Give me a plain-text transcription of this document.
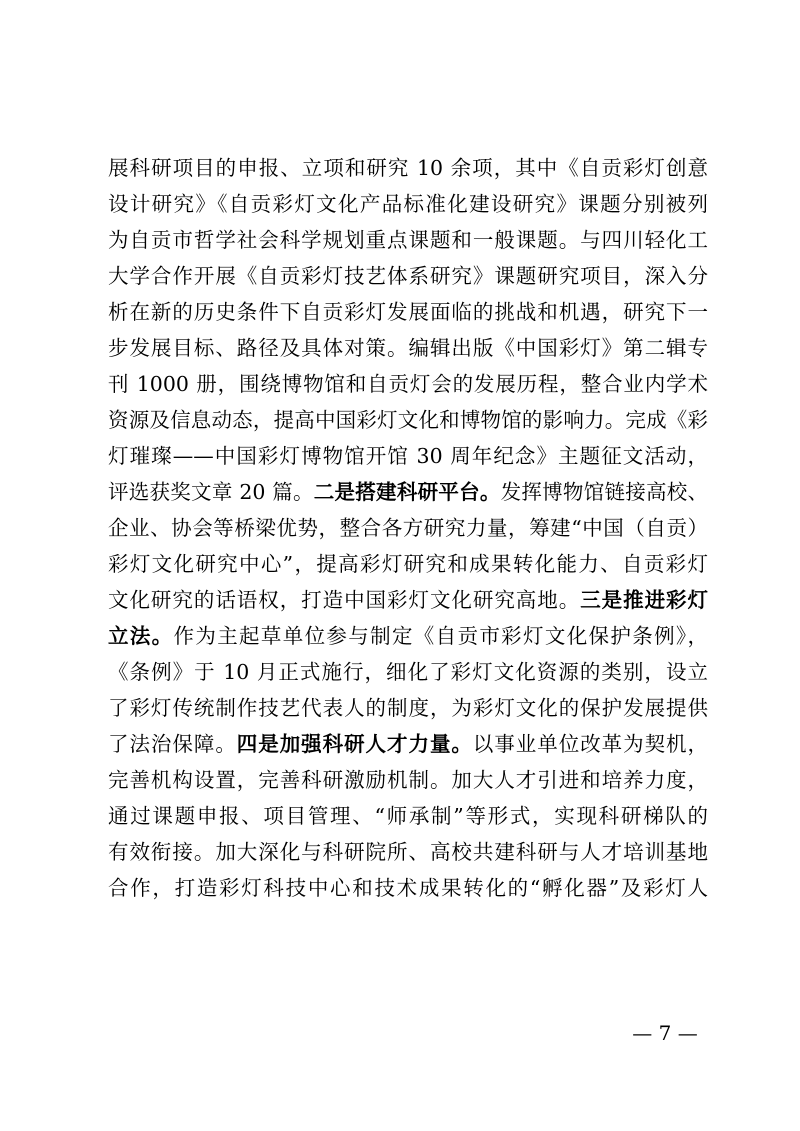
展科研项目的申报、立项和研究 10 余项，其中《自贡彩灯创意
设计研究》《自贡彩灯文化产品标准化建设研究》课题分别被列
为自贡市哲学社会科学规划重点课题和一般课题。与四川轻化工
大学合作开展《自贡彩灯技艺体系研究》课题研究项目，深入分
析在新的历史条件下自贡彩灯发展面临的挑战和机遇，研究下一
步发展目标、路径及具体对策。编辑出版《中国彩灯》第二辑专
刊 1000 册，围绕博物馆和自贡灯会的发展历程，整合业内学术
资源及信息动态，提高中国彩灯文化和博物馆的影响力。完成《彩
灯璀璨——中国彩灯博物馆开馆 30 周年纪念》主题征文活动，
评选获奖文章 20 篇。二是搭建科研平台。发挥博物馆链接高校、
企业、协会等桥梁优势，整合各方研究力量，筹建“中国（自贡）
彩灯文化研究中心”，提高彩灯研究和成果转化能力、自贡彩灯
文化研究的话语权，打造中国彩灯文化研究高地。三是推进彩灯
立法。作为主起草单位参与制定《自贡市彩灯文化保护条例》，
《条例》于 10 月正式施行，细化了彩灯文化资源的类别，设立
了彩灯传统制作技艺代表人的制度，为彩灯文化的保护发展提供
了法治保障。四是加强科研人才力量。以事业单位改革为契机，
完善机构设置，完善科研激励机制。加大人才引进和培养力度，
通过课题申报、项目管理、“师承制”等形式，实现科研梯队的
有效衔接。加大深化与科研院所、高校共建科研与人才培训基地
合作，打造彩灯科技中心和技术成果转化的“孵化器”及彩灯人
— 7 —
